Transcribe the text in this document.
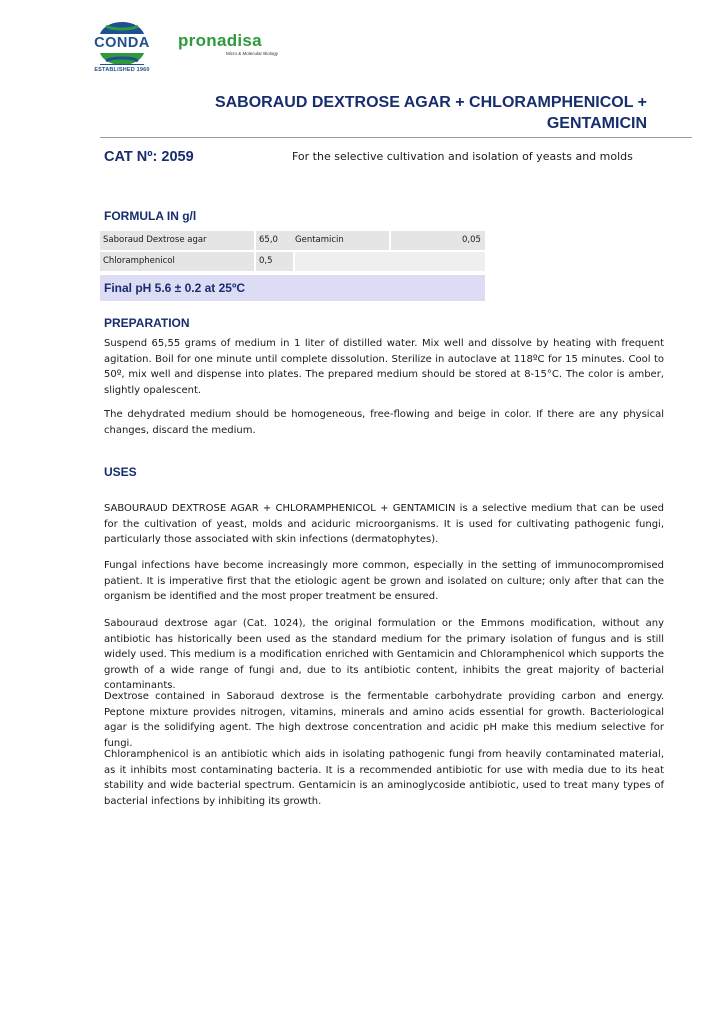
CONDA
ESTABLISHED 1960
pronadisa
Micro & Molecular Biology
SABORAUD DEXTROSE AGAR + CHLORAMPHENICOL +
GENTAMICIN
CAT Nº: 2059	For the selective cultivation and isolation of yeasts and molds
FORMULA IN g/l
Saboraud Dextrose agar	65,0 Gentamicin	0,05
Chloramphenicol	0,5
Final pH 5.6 ± 0.2 at 25ºC
PREPARATION

Suspend 65,55 grams of medium in 1 liter of distilled water. Mix well and dissolve by heating with frequent agitation. Boil for one minute until complete dissolution. Sterilize in autoclave at 118ºC for 15 minutes. Cool to 50º, mix well and dispense into plates. The prepared medium should be stored at 8-15°C. The color is amber, slightly opalescent.

The dehydrated medium should be homogeneous, free-flowing and beige in color. If there are any physical changes, discard the medium.

USES

SABOURAUD DEXTROSE AGAR + CHLORAMPHENICOL + GENTAMICIN is a selective medium that can be used for the cultivation of yeast, molds and aciduric microorganisms. It is used for cultivating pathogenic fungi, particularly those associated with skin infections (dermatophytes).

Fungal infections have become increasingly more common, especially in the setting of immunocompromised patient. It is imperative first that the etiologic agent be grown and isolated on culture; only after that can the organism be identified and the most proper treatment be ensured.

Sabouraud dextrose agar (Cat. 1024), the original formulation or the Emmons modification, without any antibiotic has historically been used as the standard medium for the primary isolation of fungus and is still widely used. This medium is a modification enriched with Gentamicin and Chloramphenicol which supports the growth of a wide range of fungi and, due to its antibiotic content, inhibits the great majority of bacterial contaminants.

Dextrose contained in Saboraud dextrose is the fermentable carbohydrate providing carbon and energy. Peptone mixture provides nitrogen, vitamins, minerals and amino acids essential for growth. Bacteriological agar is the solidifying agent. The high dextrose concentration and acidic pH make this medium selective for fungi.

Chloramphenicol is an antibiotic which aids in isolating pathogenic fungi from heavily contaminated material, as it inhibits most contaminating bacteria. It is a recommended antibiotic for use with media due to its heat stability and wide bacterial spectrum. Gentamicin is an aminoglycoside antibiotic, used to treat many types of bacterial infections by inhibiting its growth.
